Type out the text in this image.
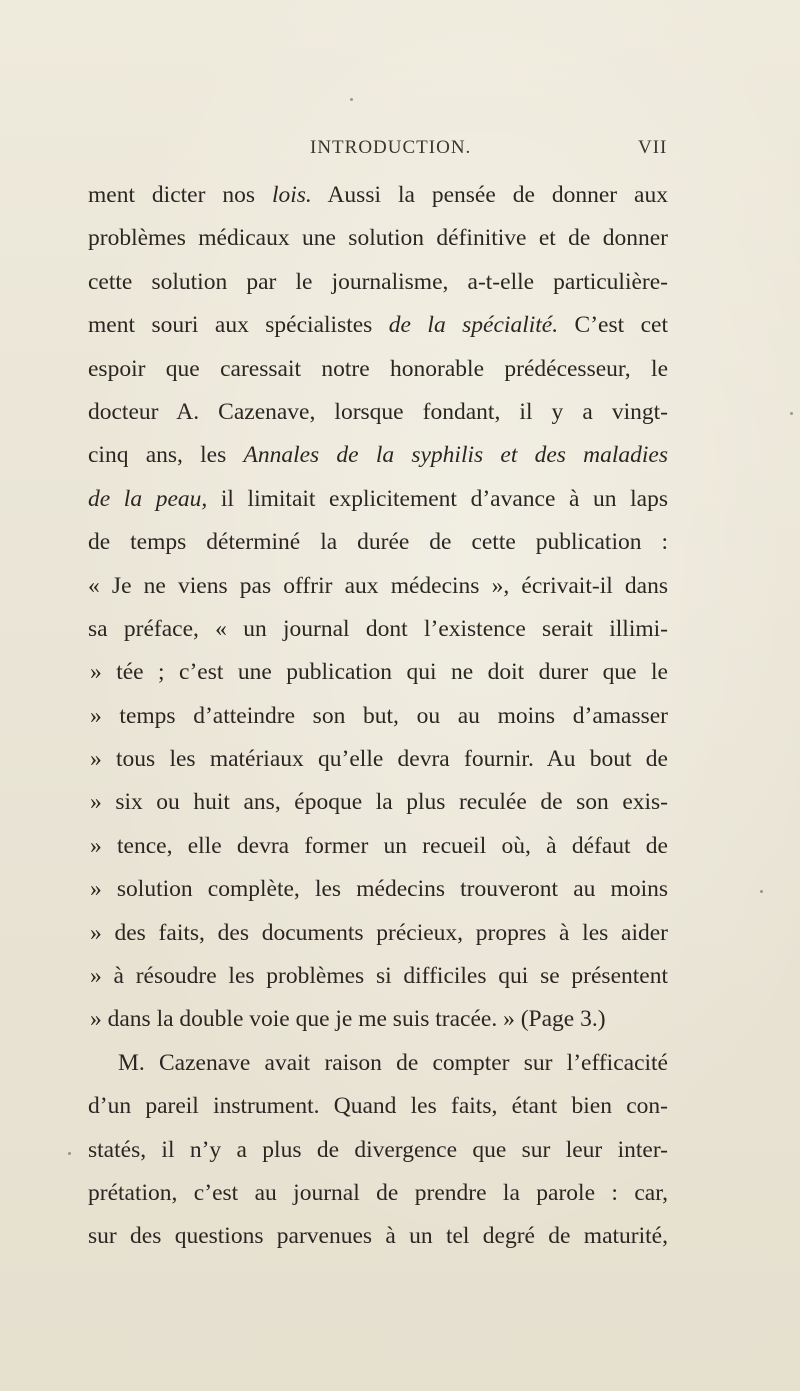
INTRODUCTION.	VII
ment dicter nos lois. Aussi la pensée de donner aux
problèmes médicaux une solution définitive et de donner
cette solution par le journalisme, a-t-elle particulière-
ment souri aux spécialistes de la spécialité. C’est cet
espoir que caressait notre honorable prédécesseur, le
docteur A. Cazenave, lorsque fondant, il y a vingt-
cinq ans, les Annales de la syphilis et des maladies
de la peau, il limitait explicitement d’avance à un laps
de temps déterminé la durée de cette publication :
« Je ne viens pas offrir aux médecins », écrivait-il dans
sa préface, « un journal dont l’existence serait illimi-
» tée ; c’est une publication qui ne doit durer que le
» temps d’atteindre son but, ou au moins d’amasser
» tous les matériaux qu’elle devra fournir. Au bout de
» six ou huit ans, époque la plus reculée de son exis-
» tence, elle devra former un recueil où, à défaut de
» solution complète, les médecins trouveront au moins
» des faits, des documents précieux, propres à les aider
» à résoudre les problèmes si difficiles qui se présentent
» dans la double voie que je me suis tracée. » (Page 3.)
M. Cazenave avait raison de compter sur l’efficacité
d’un pareil instrument. Quand les faits, étant bien con-
statés, il n’y a plus de divergence que sur leur inter-
prétation, c’est au journal de prendre la parole : car,
sur des questions parvenues à un tel degré de maturité,
